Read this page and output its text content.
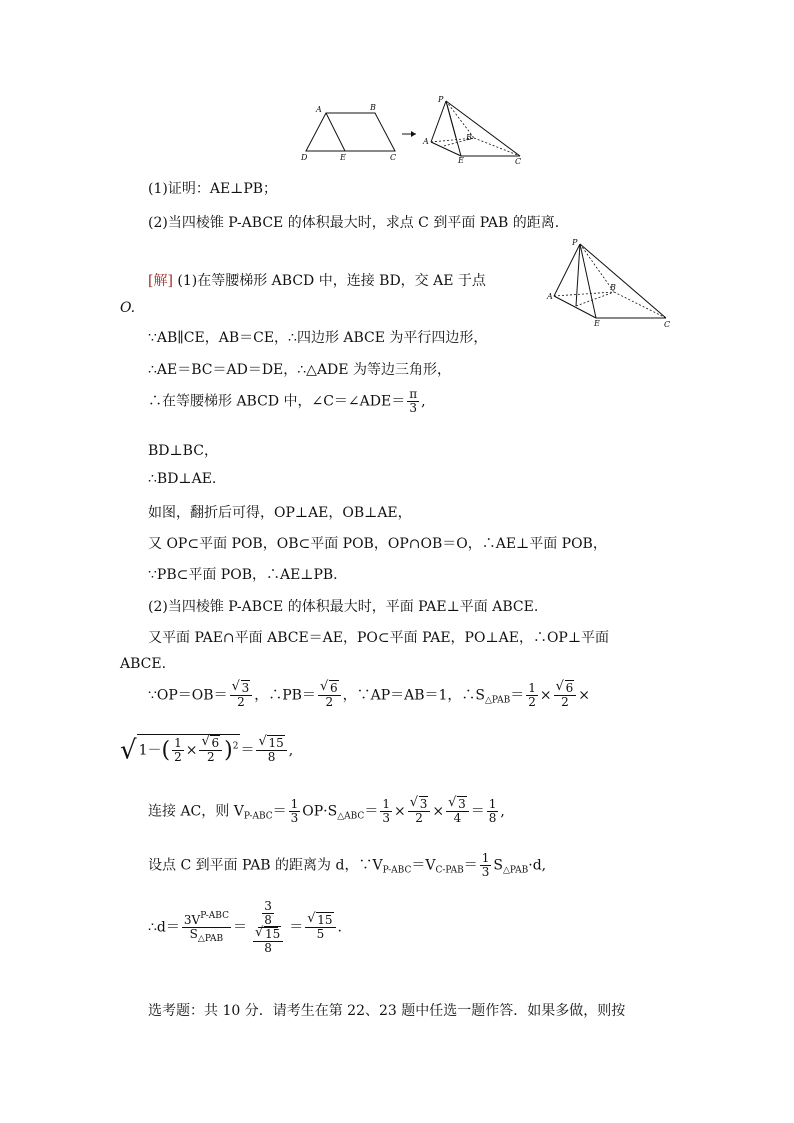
A	B
D	E	C
P
A	B
E	C
(1)证明：AE⊥PB；
(2)当四棱锥 P-ABCE 的体积最大时，求点 C 到平面 PAB 的距离.
P
A
B
E	C
[解] (1)在等腰梯形 ABCD 中，连接 BD，交 AE 于点
O.
∵AB∥CE，AB＝CE，∴四边形 ABCE 为平行四边形，
∴AE＝BC＝AD＝DE，∴△ADE 为等边三角形，
∴在等腰梯形 ABCD 中，∠C＝∠ADE＝ $\frac{\pi}{3}$ ,
BD⊥BC，
∴BD⊥AE.
如图，翻折后可得，OP⊥AE，OB⊥AE，
又 OP⊂平面 POB，OB⊂平面 POB，OP∩OB＝O，∴AE⊥平面 POB，
∵PB⊂平面 POB，∴AE⊥PB.
(2)当四棱锥 P-ABCE 的体积最大时，平面 PAE⊥平面 ABCE.
又平面 PAE∩平面 ABCE＝AE，PO⊂平面 PAE，PO⊥AE，∴OP⊥平面
ABCE.
∵OP＝OB＝ √ $\frac{3}{2}$ ，∴PB＝ √ $\frac{6}{2}$ ，∵AP＝AB＝1，$\therefore S_{\triangle PAB}= \frac{1}{2}$ × √ $\frac{6}{2}$ ×
√ $1-( \frac{1}{2}$ × √ $\frac{6}{2} )^2$ ＝ √ $\frac{15}{8}$ ,
连接 AC，则 $V_{P-ABC}= \frac{1}{3} OP\cdot S_{\triangle ABC}= \frac{1}{3}$ × √ $\frac{3}{2}$ × √ $\frac{3}{4} = \frac{1}{8}$ ,
设点 C 到平面 PAB 的距离为 d，$\because V_{P-ABC}=V_{C-PAB}= \frac{1}{3} S_{\triangle PAB}\cdot d$,
∴d＝ $\frac{3V^{P-ABC}}{S_{\triangle PAB}} = \frac{3}{8}$
√ $\frac{15}{8}$ ＝ √ $\frac{15}{5}$ .
选考题：共 10 分．请考生在第 22、23 题中任选一题作答．如果多做，则按
